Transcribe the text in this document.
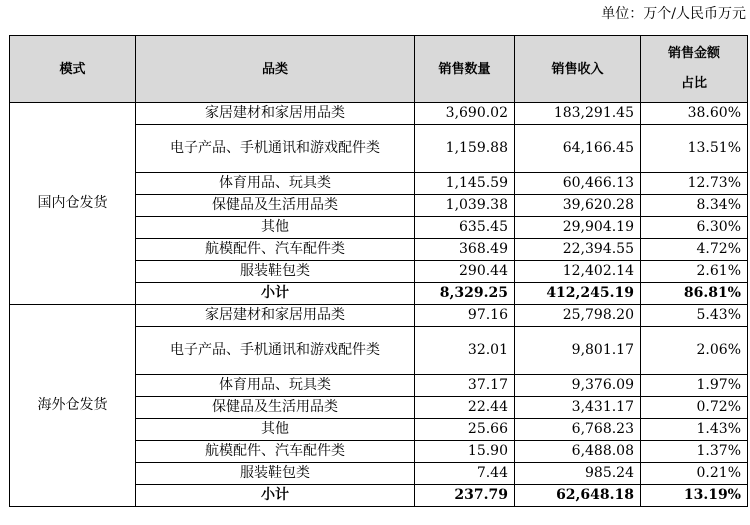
单位：万个/人民币万元
模式	品类	销售数量	销售收入	销售金额
占比
国内仓发货	家居建材和家居用品类	3,690.02	183,291.45	38.60%
	电子产品、手机通讯和游戏配件类	1,159.88	64,166.45	13.51%
	体育用品、玩具类	1,145.59	60,466.13	12.73%
	保健品及生活用品类	1,039.38	39,620.28	8.34%
	其他	635.45	29,904.19	6.30%
	航模配件、汽车配件类	368.49	22,394.55	4.72%
	服装鞋包类	290.44	12,402.14	2.61%
	小计	8,329.25	412,245.19	86.81%
海外仓发货	家居建材和家居用品类	97.16	25,798.20	5.43%
	电子产品、手机通讯和游戏配件类	32.01	9,801.17	2.06%
	体育用品、玩具类	37.17	9,376.09	1.97%
	保健品及生活用品类	22.44	3,431.17	0.72%
	其他	25.66	6,768.23	1.43%
	航模配件、汽车配件类	15.90	6,488.08	1.37%
	服装鞋包类	7.44	985.24	0.21%
	小计	237.79	62,648.18	13.19%
